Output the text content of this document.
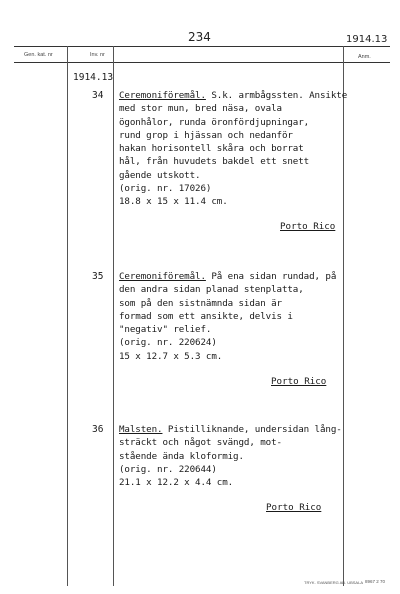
234	1914.13
Gen. kat. nr	Inv. nr	Anm.
1914.13
34 Ceremoniföremål. S.k. armbågssten. Ansikte
med stor mun, bred näsa, ovala
ögonhålor, runda öronfördjupningar,
rund grop i hjässan och nedanför
hakan horisontell skåra och borrat
hål, från huvudets bakdel ett snett
gående utskott.
(orig. nr. 17026)
18.8 x 15 x 11.4 cm.
Porto Rico
35 Ceremoniföremål. På ena sidan rundad, på
den andra sidan planad stenplatta,
som på den sistnämnda sidan är
formad som ett ansikte, delvis i
"negativ" relief.
(orig. nr. 220624)
15 x 12.7 x 5.3 cm.
Porto Rico
36 Malsten. Pistilliknande, undersidan lång-
sträckt och något svängd, mot-
stående ända kloformig.
(orig. nr. 220644)
21.1 x 12.2 x 4.4 cm.
Porto Rico
TRYK. SVANBERG AB. UBSALA 8967 2 70
